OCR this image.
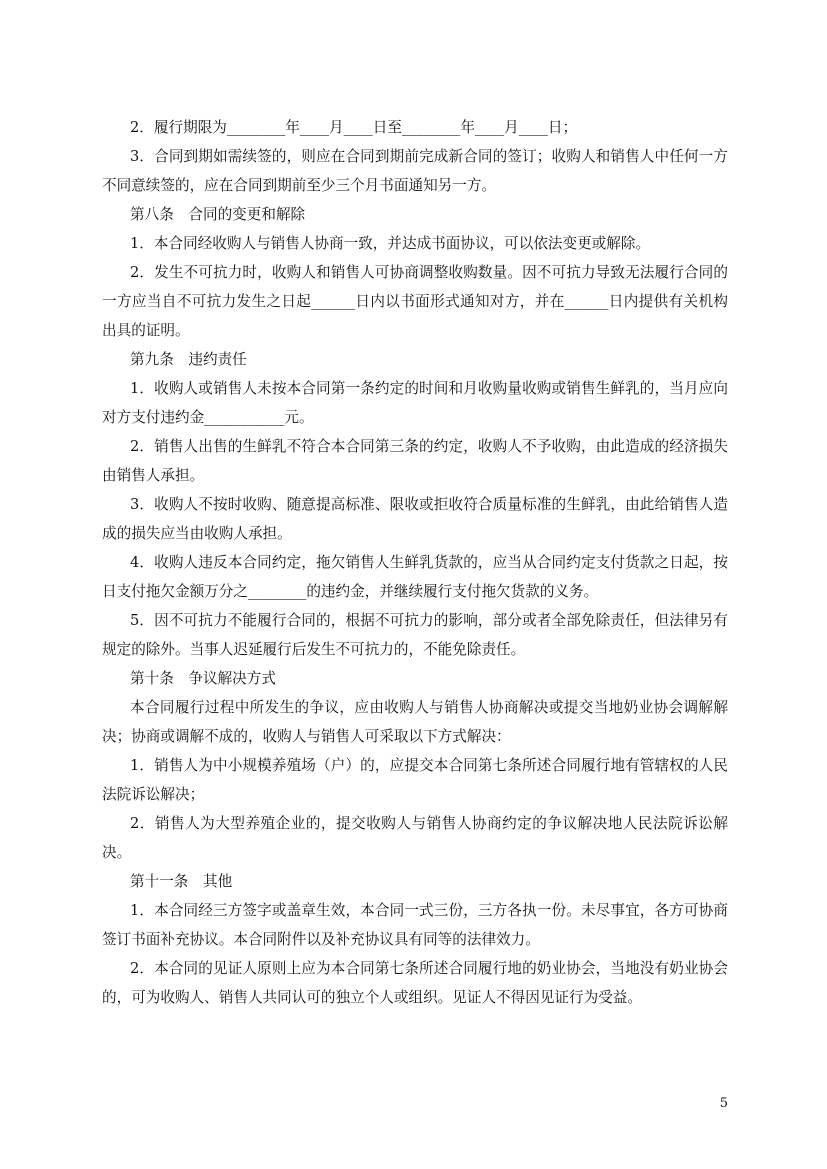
2．履行期限为________年____月____日至________年____月____日；

3．合同到期如需续签的，则应在合同到期前完成新合同的签订；收购人和销售人中任何一方不同意续签的，应在合同到期前至少三个月书面通知另一方。

第八条　合同的变更和解除

1．本合同经收购人与销售人协商一致，并达成书面协议，可以依法变更或解除。

2．发生不可抗力时，收购人和销售人可协商调整收购数量。因不可抗力导致无法履行合同的一方应当自不可抗力发生之日起______日内以书面形式通知对方，并在______日内提供有关机构出具的证明。

第九条　违约责任

1．收购人或销售人未按本合同第一条约定的时间和月收购量收购或销售生鲜乳的，当月应向对方支付违约金___________元。

2．销售人出售的生鲜乳不符合本合同第三条的约定，收购人不予收购，由此造成的经济损失由销售人承担。

3．收购人不按时收购、随意提高标准、限收或拒收符合质量标准的生鲜乳，由此给销售人造成的损失应当由收购人承担。

4．收购人违反本合同约定，拖欠销售人生鲜乳货款的，应当从合同约定支付货款之日起，按日支付拖欠金额万分之________的违约金，并继续履行支付拖欠货款的义务。

5．因不可抗力不能履行合同的，根据不可抗力的影响，部分或者全部免除责任，但法律另有规定的除外。当事人迟延履行后发生不可抗力的，不能免除责任。

第十条　争议解决方式

本合同履行过程中所发生的争议，应由收购人与销售人协商解决或提交当地奶业协会调解解决；协商或调解不成的，收购人与销售人可采取以下方式解决：

1．销售人为中小规模养殖场（户）的，应提交本合同第七条所述合同履行地有管辖权的人民法院诉讼解决；

2．销售人为大型养殖企业的，提交收购人与销售人协商约定的争议解决地人民法院诉讼解决。

第十一条　其他

1．本合同经三方签字或盖章生效，本合同一式三份，三方各执一份。未尽事宜，各方可协商签订书面补充协议。本合同附件以及补充协议具有同等的法律效力。

2．本合同的见证人原则上应为本合同第七条所述合同履行地的奶业协会，当地没有奶业协会的，可为收购人、销售人共同认可的独立个人或组织。见证人不得因见证行为受益。

5
